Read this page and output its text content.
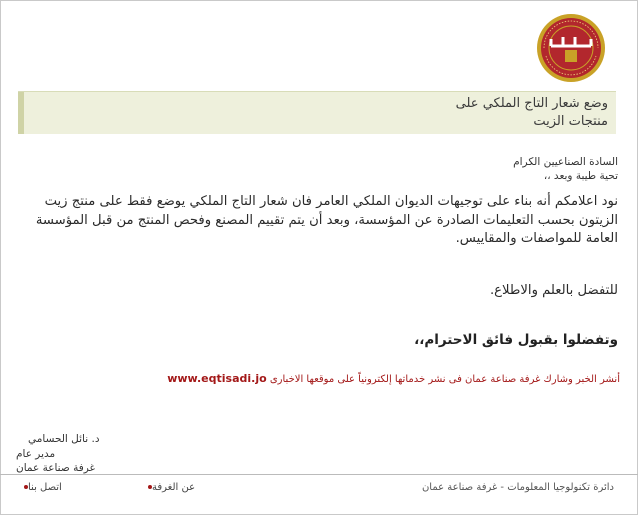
وضع شعار التاج الملكي على
منتجات الزيت
السادة الصناعيين الكرام
تحية طيبة وبعد ،،
نود اعلامكم أنه بناء على توجيهات الديوان الملكي العامر فان شعار التاج الملكي يوضع فقط على منتج زيت الزيتون بحسب التعليمات الصادرة عن المؤسسة، وبعد أن يتم تقييم المصنع وفحص المنتج من قبل المؤسسة العامة للمواصفات والمقاييس.
للتفضل بالعلم والاطلاع.
وتفضلوا بقبول فائق الاحترام،،
أنشر الخبر وشارك غرفة صناعة عمان فى نشر خدماتها إلكترونياً على موقعها الاخبارى www.eqtisadi.jo
د. نائل الحسامي
مدير عام
غرفة صناعة عمان
دائرة تكنولوجيا المعلومات - غرفة صناعة عمان
عن الغرفة
اتصل بنا
